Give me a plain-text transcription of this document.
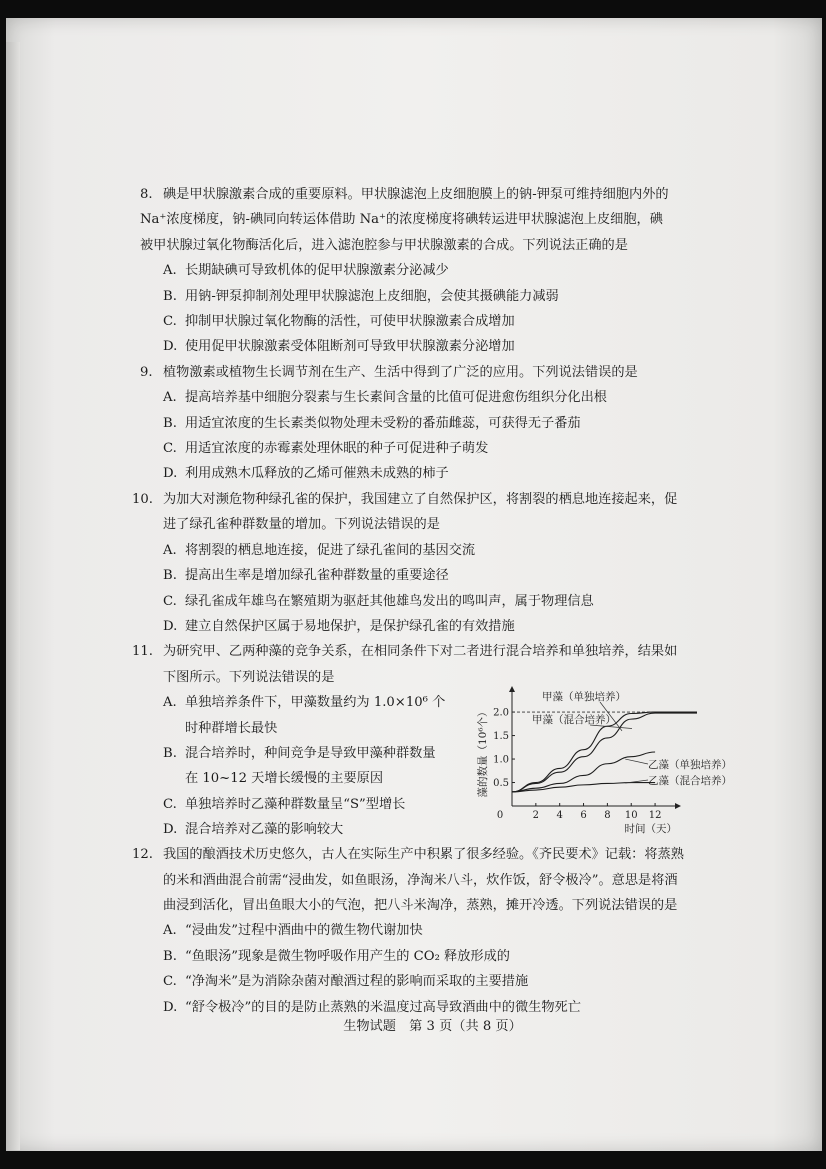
8. 碘是甲状腺激素合成的重要原料。甲状腺滤泡上皮细胞膜上的钠-钾泵可维持细胞内外的
Na⁺浓度梯度，钠-碘同向转运体借助 Na⁺的浓度梯度将碘转运进甲状腺滤泡上皮细胞，碘
被甲状腺过氧化物酶活化后，进入滤泡腔参与甲状腺激素的合成。下列说法正确的是
A. 长期缺碘可导致机体的促甲状腺激素分泌减少
B. 用钠-钾泵抑制剂处理甲状腺滤泡上皮细胞，会使其摄碘能力减弱
C. 抑制甲状腺过氧化物酶的活性，可使甲状腺激素合成增加
D. 使用促甲状腺激素受体阻断剂可导致甲状腺激素分泌增加
9. 植物激素或植物生长调节剂在生产、生活中得到了广泛的应用。下列说法错误的是
A. 提高培养基中细胞分裂素与生长素间含量的比值可促进愈伤组织分化出根
B. 用适宜浓度的生长素类似物处理未受粉的番茄雌蕊，可获得无子番茄
C. 用适宜浓度的赤霉素处理休眠的种子可促进种子萌发
D. 利用成熟木瓜释放的乙烯可催熟未成熟的柿子
10. 为加大对濒危物种绿孔雀的保护，我国建立了自然保护区，将割裂的栖息地连接起来，促
进了绿孔雀种群数量的增加。下列说法错误的是
A. 将割裂的栖息地连接，促进了绿孔雀间的基因交流
B. 提高出生率是增加绿孔雀种群数量的重要途径
C. 绿孔雀成年雄鸟在繁殖期为驱赶其他雄鸟发出的鸣叫声，属于物理信息
D. 建立自然保护区属于易地保护，是保护绿孔雀的有效措施
11. 为研究甲、乙两种藻的竞争关系，在相同条件下对二者进行混合培养和单独培养，结果如
下图所示。下列说法错误的是
A. 单独培养条件下，甲藻数量约为 1.0×10⁶ 个
时种群增长最快
B. 混合培养时，种间竞争是导致甲藻种群数量
在 10~12 天增长缓慢的主要原因
C. 单独培养时乙藻种群数量呈“S”型增长
D. 混合培养对乙藻的影响较大
0	2 4 6 8 10 12
0.5
1.0
1.5
2.0
时间（天）
藻的数量（10⁶个）
甲藻（单独培养）
甲藻（混合培养）
乙藻（单独培养）
乙藻（混合培养）
12. 我国的酿酒技术历史悠久，古人在实际生产中积累了很多经验。《齐民要术》记载：将蒸熟
的米和酒曲混合前需“浸曲发，如鱼眼汤，净淘米八斗，炊作饭，舒令极冷”。意思是将酒
曲浸到活化，冒出鱼眼大小的气泡，把八斗米淘净，蒸熟，摊开冷透。下列说法错误的是
A. “浸曲发”过程中酒曲中的微生物代谢加快
B. “鱼眼汤”现象是微生物呼吸作用产生的 CO₂ 释放形成的
C. “净淘米”是为消除杂菌对酿酒过程的影响而采取的主要措施
D. “舒令极冷”的目的是防止蒸熟的米温度过高导致酒曲中的微生物死亡
生物试题　第 3 页（共 8 页）
